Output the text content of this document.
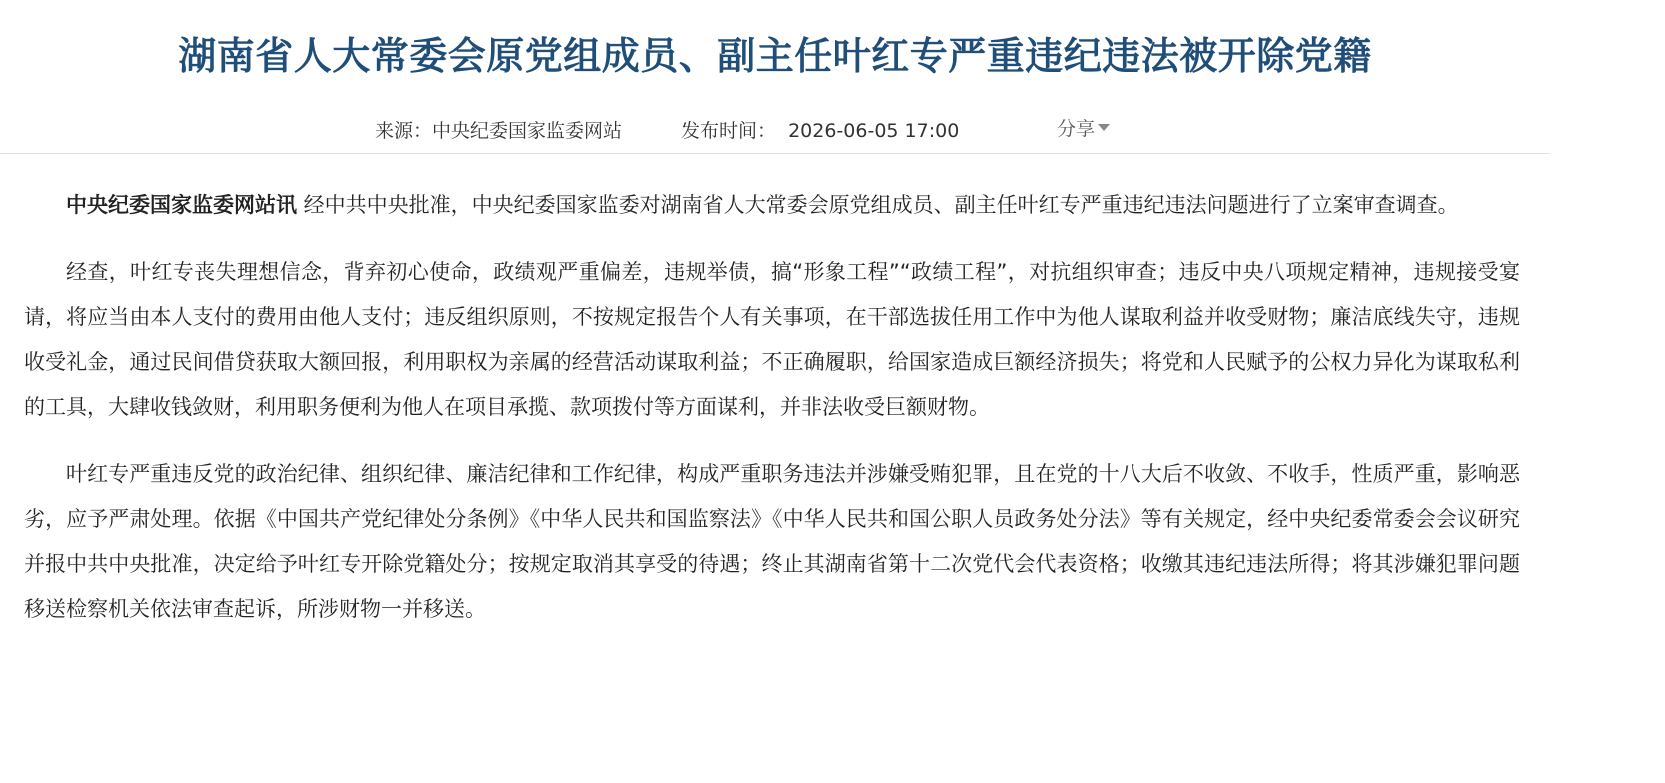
湖南省人大常委会原党组成员、副主任叶红专严重违纪违法被开除党籍
来源：中央纪委国家监委网站	发布时间：  2026-06-05 17:00	分享

中央纪委国家监委网站讯 经中共中央批准，中央纪委国家监委对湖南省人大常委会原党组成员、副主任叶红专严重违纪违法问题进行了立案审查调查。

经查，叶红专丧失理想信念，背弃初心使命，政绩观严重偏差，违规举债，搞“形象工程”“政绩工程”，对抗组织审查；违反中央八项规定精神，违规接受宴请，将应当由本人支付的费用由他人支付；违反组织原则，不按规定报告个人有关事项，在干部选拔任用工作中为他人谋取利益并收受财物；廉洁底线失守，违规收受礼金，通过民间借贷获取大额回报，利用职权为亲属的经营活动谋取利益；不正确履职，给国家造成巨额经济损失；将党和人民赋予的公权力异化为谋取私利的工具，大肆收钱敛财，利用职务便利为他人在项目承揽、款项拨付等方面谋利，并非法收受巨额财物。

叶红专严重违反党的政治纪律、组织纪律、廉洁纪律和工作纪律，构成严重职务违法并涉嫌受贿犯罪，且在党的十八大后不收敛、不收手，性质严重，影响恶劣，应予严肃处理。依据《中国共产党纪律处分条例》《中华人民共和国监察法》《中华人民共和国公职人员政务处分法》等有关规定，经中央纪委常委会会议研究并报中共中央批准，决定给予叶红专开除党籍处分；按规定取消其享受的待遇；终止其湖南省第十二次党代会代表资格；收缴其违纪违法所得；将其涉嫌犯罪问题移送检察机关依法审查起诉，所涉财物一并移送。
